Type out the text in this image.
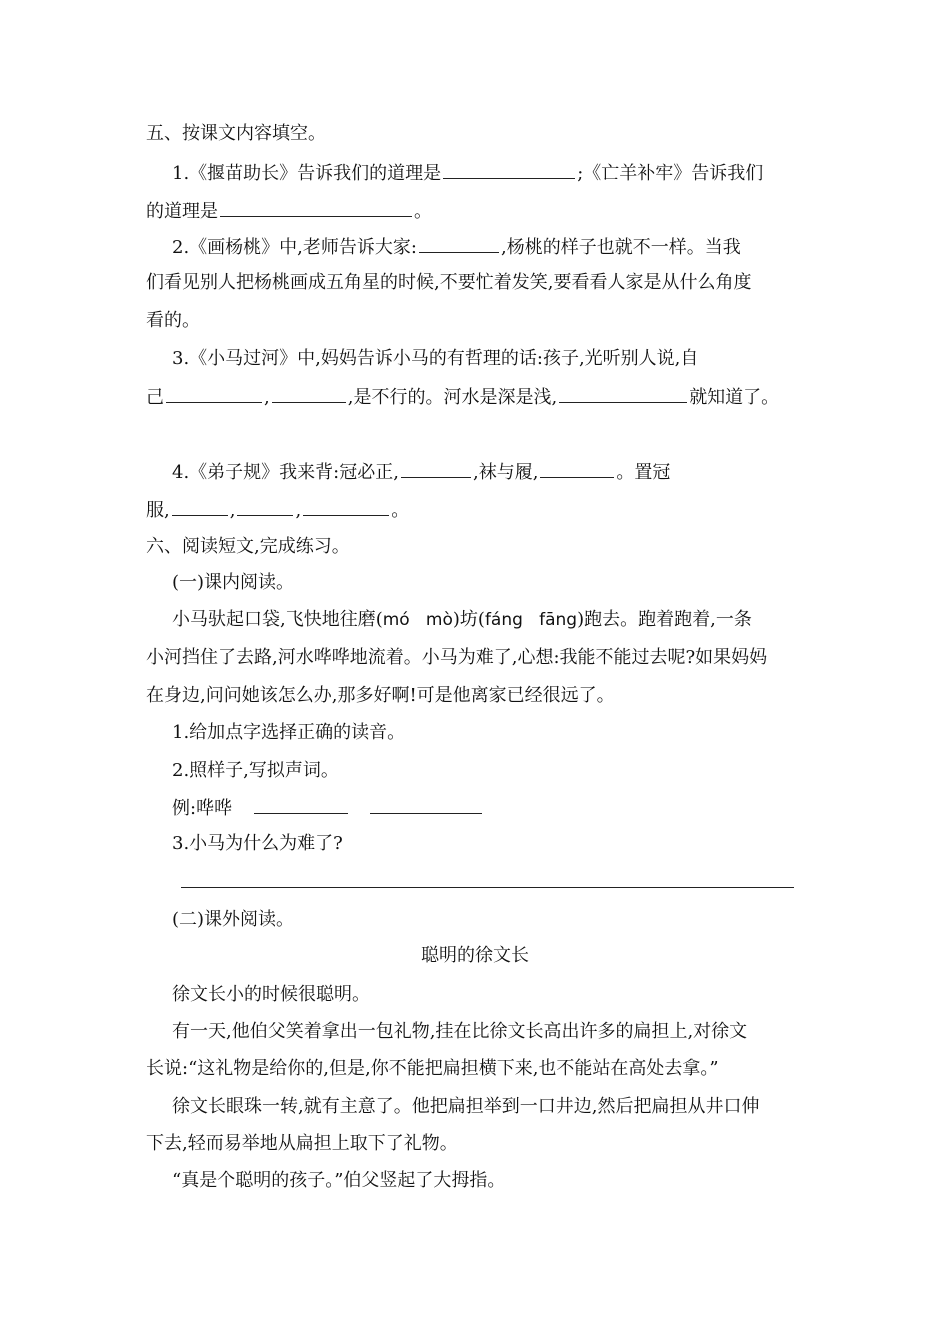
五、按课文内容填空。
1.《揠苗助长》告诉我们的道理是	;《亡羊补牢》告诉我们
的道理是	。
2.《画杨桃》中,老师告诉大家:	,杨桃的样子也就不一样。当我
们看见别人把杨桃画成五角星的时候,不要忙着发笑,要看看人家是从什么角度
看的。
3.《小马过河》中,妈妈告诉小马的有哲理的话:孩子,光听别人说,自
己	,	,是不行的。河水是深是浅,	就知道了。
4.《弟子规》我来背:冠必正,	,袜与履,	。置冠
服,	,	,	。
六、阅读短文,完成练习。
(一)课内阅读。
小马驮起口袋,飞快地往磨(mó   mò)坊(fáng   fāng)跑去。跑着跑着,一条
小河挡住了去路,河水哗哗地流着。小马为难了,心想:我能不能过去呢?如果妈妈
在身边,问问她该怎么办,那多好啊!可是他离家已经很远了。
1.给加点字选择正确的读音。
2.照样子,写拟声词。
例:哗哗
3.小马为什么为难了?
(二)课外阅读。
聪明的徐文长
徐文长小的时候很聪明。
有一天,他伯父笑着拿出一包礼物,挂在比徐文长高出许多的扁担上,对徐文
长说:“这礼物是给你的,但是,你不能把扁担横下来,也不能站在高处去拿。”
徐文长眼珠一转,就有主意了。他把扁担举到一口井边,然后把扁担从井口伸
下去,轻而易举地从扁担上取下了礼物。
“真是个聪明的孩子。”伯父竖起了大拇指。
